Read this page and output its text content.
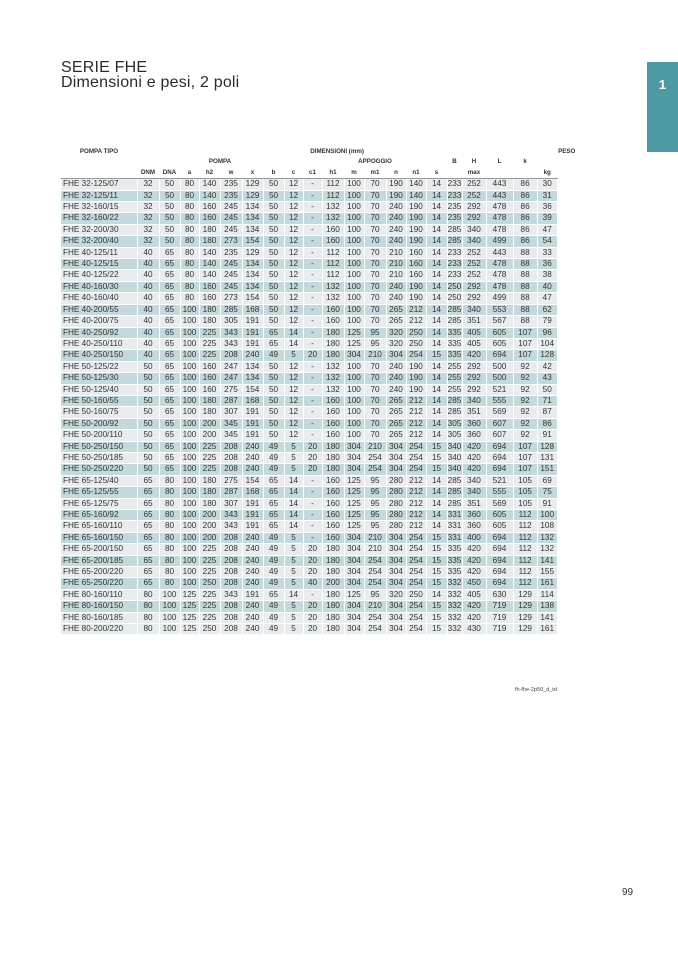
SERIE FHE
Dimensioni e pesi, 2 poli	1
POMPA TIPO	DIMENSIONI (mm)																				PESO
	POMPA								APPOGGIO							B	H	L	k		
	DNM	DNA	a	h2	w	x	b	c	c1	h1	m	m1	n	n1	s		max			kg	
FHE 32-125/07	32	50	80	140	235	129	50	12	-	112	100	70	190	140	14	233	252	443	86	30	
FHE 32-125/11	32	50	80	140	235	129	50	12	-	112	100	70	190	140	14	233	252	443	86	31	
FHE 32-160/15	32	50	80	160	245	134	50	12	-	132	100	70	240	190	14	235	292	478	86	36	
FHE 32-160/22	32	50	80	160	245	134	50	12	-	132	100	70	240	190	14	235	292	478	86	39	
FHE 32-200/30	32	50	80	180	245	134	50	12	-	160	100	70	240	190	14	285	340	478	86	47	
FHE 32-200/40	32	50	80	180	273	154	50	12	-	160	100	70	240	190	14	285	340	499	86	54	
FHE 40-125/11	40	65	80	140	235	129	50	12	-	112	100	70	210	160	14	233	252	443	88	33	
FHE 40-125/15	40	65	80	140	245	134	50	12	-	112	100	70	210	160	14	233	252	478	88	36	
FHE 40-125/22	40	65	80	140	245	134	50	12	-	112	100	70	210	160	14	233	252	478	88	38	
FHE 40-160/30	40	65	80	160	245	134	50	12	-	132	100	70	240	190	14	250	292	478	88	40	
FHE 40-160/40	40	65	80	160	273	154	50	12	-	132	100	70	240	190	14	250	292	499	88	47	
FHE 40-200/55	40	65	100	180	285	168	50	12	-	160	100	70	265	212	14	285	340	553	88	62	
FHE 40-200/75	40	65	100	180	305	191	50	12	-	160	100	70	265	212	14	285	351	567	88	79	
FHE 40-250/92	40	65	100	225	343	191	65	14	-	180	125	95	320	250	14	335	405	605	107	96	
FHE 40-250/110	40	65	100	225	343	191	65	14	-	180	125	95	320	250	14	335	405	605	107	104	
FHE 40-250/150	40	65	100	225	208	240	49	5	20	180	304	210	304	254	15	335	420	694	107	128	
FHE 50-125/22	50	65	100	160	247	134	50	12	-	132	100	70	240	190	14	255	292	500	92	42	
FHE 50-125/30	50	65	100	160	247	134	50	12	-	132	100	70	240	190	14	255	292	500	92	43	
FHE 50-125/40	50	65	100	160	275	154	50	12	-	132	100	70	240	190	14	255	292	521	92	50	
FHE 50-160/55	50	65	100	180	287	168	50	12	-	160	100	70	265	212	14	285	340	555	92	71	
FHE 50-160/75	50	65	100	180	307	191	50	12	-	160	100	70	265	212	14	285	351	569	92	87	
FHE 50-200/92	50	65	100	200	345	191	50	12	-	160	100	70	265	212	14	305	360	607	92	86	
FHE 50-200/110	50	65	100	200	345	191	50	12	-	160	100	70	265	212	14	305	360	607	92	91	
FHE 50-250/150	50	65	100	225	208	240	49	5	20	180	304	210	304	254	15	340	420	694	107	128	
FHE 50-250/185	50	65	100	225	208	240	49	5	20	180	304	254	304	254	15	340	420	694	107	131	
FHE 50-250/220	50	65	100	225	208	240	49	5	20	180	304	254	304	254	15	340	420	694	107	151	
FHE 65-125/40	65	80	100	180	275	154	65	14	-	160	125	95	280	212	14	285	340	521	105	69	
FHE 65-125/55	65	80	100	180	287	168	65	14	-	160	125	95	280	212	14	285	340	555	105	75	
FHE 65-125/75	65	80	100	180	307	191	65	14	-	160	125	95	280	212	14	285	351	569	105	91	
FHE 65-160/92	65	80	100	200	343	191	65	14	-	160	125	95	280	212	14	331	360	605	112	100	
FHE 65-160/110	65	80	100	200	343	191	65	14	-	160	125	95	280	212	14	331	360	605	112	108	
FHE 65-160/150	65	80	100	200	208	240	49	5	-	160	304	210	304	254	15	331	400	694	112	132	
FHE 65-200/150	65	80	100	225	208	240	49	5	20	180	304	210	304	254	15	335	420	694	112	132	
FHE 65-200/185	65	80	100	225	208	240	49	5	20	180	304	254	304	254	15	335	420	694	112	141	
FHE 65-200/220	65	80	100	225	208	240	49	5	20	180	304	254	304	254	15	335	420	694	112	155	
FHE 65-250/220	65	80	100	250	208	240	49	5	40	200	304	254	304	254	15	332	450	694	112	161	
FHE 80-160/110	80	100	125	225	343	191	65	14	-	180	125	95	320	250	14	332	405	630	129	114	
FHE 80-160/150	80	100	125	225	208	240	49	5	20	180	304	210	304	254	15	332	420	719	129	138	
FHE 80-160/185	80	100	125	225	208	240	49	5	20	180	304	254	304	254	15	332	420	719	129	141	
FHE 80-200/220	80	100	125	250	208	240	49	5	20	180	304	254	304	254	15	332	430	719	129	161	
fh-fhe-2p50_d_td
99
